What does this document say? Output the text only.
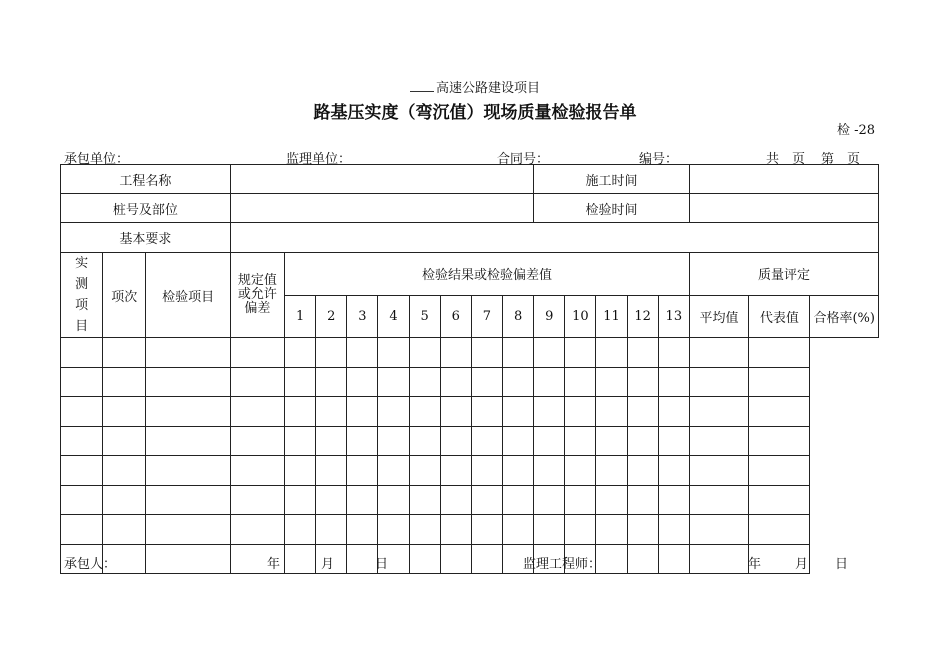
高速公路建设项目
路基压实度（弯沉值）现场质量检验报告单
检 -28
承包单位：	监理单位：	合同号：	编号：	共　页 第　页
工程名称												施工时间							
桩号及部位												检验时间							
基本要求																			

实测项目	项次	检验项目	规定值
或允许
偏差	检验结果或检验偏差值													质量评定		
				1	2	3	4	5	6	7	8	9	10	11	12	13	平均值	代表值	合格率(%)

承包人：	年	月	日	监理工程师：	年	月 日
